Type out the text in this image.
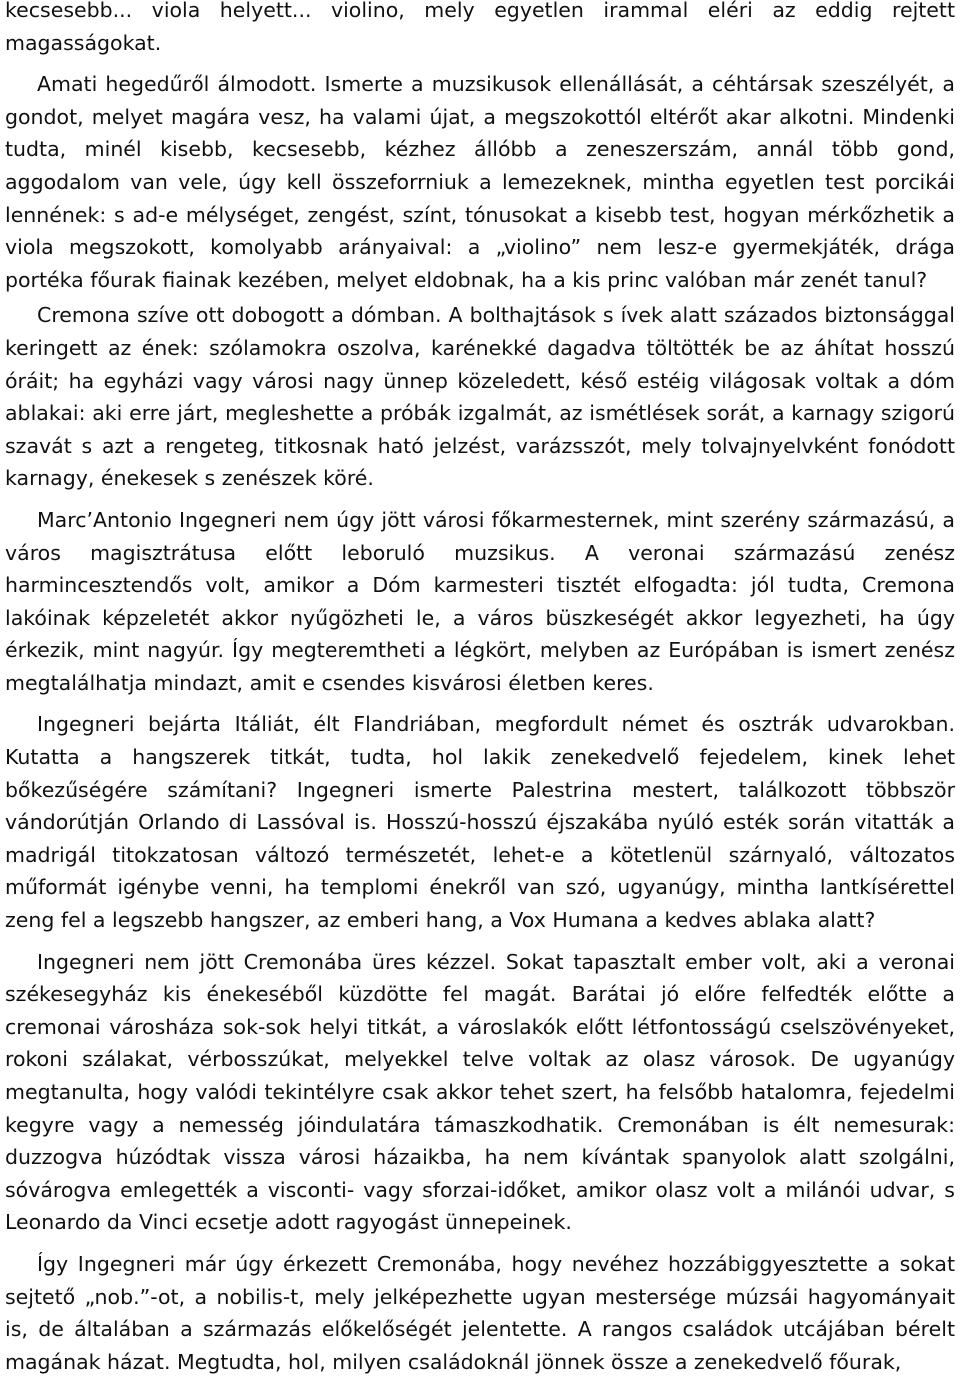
kecsesebb... viola helyett... violino, mely egyetlen irammal eléri az eddig rejtett magasságokat.

Amati hegedűről álmodott. Ismerte a muzsikusok ellenállását, a céhtársak szeszélyét, a gondot, melyet magára vesz, ha valami újat, a megszokottól eltérőt akar alkotni. Mindenki tudta, minél kisebb, kecsesebb, kézhez állóbb a zeneszerszám, annál több gond, aggodalom van vele, úgy kell összeforrniuk a lemezeknek, mintha egyetlen test porcikái lennének: s ad-e mélységet, zengést, színt, tónusokat a kisebb test, hogyan mérkőzhetik a viola megszokott, komolyabb arányaival: a „violino” nem lesz-e gyermekjáték, drága portéka főurak fiainak kezében, melyet eldobnak, ha a kis princ valóban már zenét tanul?

Cremona szíve ott dobogott a dómban. A bolthajtások s ívek alatt százados biztonsággal keringett az ének: szólamokra oszolva, karénekké dagadva töltötték be az áhítat hosszú óráit; ha egyházi vagy városi nagy ünnep közeledett, késő estéig világosak voltak a dóm ablakai: aki erre járt, megleshette a próbák izgalmát, az ismétlések sorát, a karnagy szigorú szavát s azt a rengeteg, titkosnak ható jelzést, varázsszót, mely tolvajnyelvként fonódott karnagy, énekesek s zenészek köré.

Marc’Antonio Ingegneri nem úgy jött városi főkarmesternek, mint szerény származású, a város magisztrátusa előtt leboruló muzsikus. A veronai származású zenész harmincesztendős volt, amikor a Dóm karmesteri tisztét elfogadta: jól tudta, Cremona lakóinak képzeletét akkor nyűgözheti le, a város büszkeségét akkor legyezheti, ha úgy érkezik, mint nagyúr. Így megteremtheti a légkört, melyben az Európában is ismert zenész megtalálhatja mindazt, amit e csendes kisvárosi életben keres.

Ingegneri bejárta Itáliát, élt Flandriában, megfordult német és osztrák udvarokban. Kutatta a hangszerek titkát, tudta, hol lakik zenekedvelő fejedelem, kinek lehet bőkezűségére számítani? Ingegneri ismerte Palestrina mestert, találkozott többször vándorútján Orlando di Lassóval is. Hosszú-hosszú éjszakába nyúló esték során vitatták a madrigál titokzatosan változó természetét, lehet-e a kötetlenül szárnyaló, változatos műformát igénybe venni, ha templomi énekről van szó, ugyanúgy, mintha lantkísérettel zeng fel a legszebb hangszer, az emberi hang, a Vox Humana a kedves ablaka alatt?

Ingegneri nem jött Cremonába üres kézzel. Sokat tapasztalt ember volt, aki a veronai székesegyház kis énekeséből küzdötte fel magát. Barátai jó előre felfedték előtte a cremonai városháza sok-sok helyi titkát, a városlakók előtt létfontosságú cselszövényeket, rokoni szálakat, vérbosszúkat, melyekkel telve voltak az olasz városok. De ugyanúgy megtanulta, hogy valódi tekintélyre csak akkor tehet szert, ha felsőbb hatalomra, fejedelmi kegyre vagy a nemesség jóindulatára támaszkodhatik. Cremonában is élt nemesurak: duzzogva húzódtak vissza városi házaikba, ha nem kívántak spanyolok alatt szolgálni, sóvárogva emlegették a visconti- vagy sforzai-időket, amikor olasz volt a milánói udvar, s Leonardo da Vinci ecsetje adott ragyogást ünnepeinek.

Így Ingegneri már úgy érkezett Cremonába, hogy nevéhez hozzábiggyesztette a sokat sejtető „nob.”-ot, a nobilis-t, mely jelképezhette ugyan mestersége múzsái hagyományait is, de általában a származás előkelőségét jelentette. A rangos családok utcájában bérelt magának házat. Megtudta, hol, milyen családoknál jönnek össze a zenekedvelő főurak,
